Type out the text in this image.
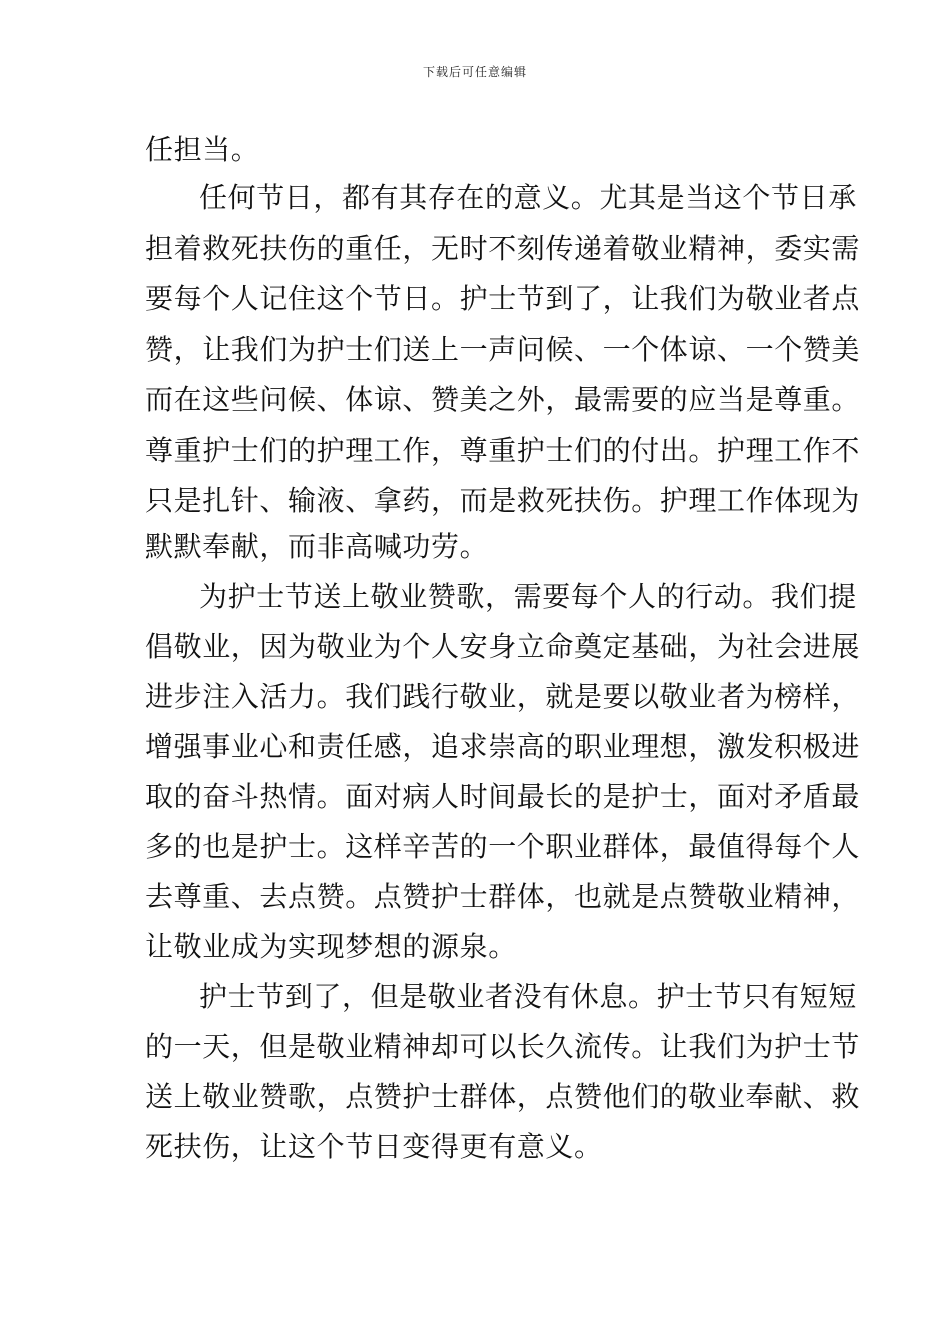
下载后可任意编辑
任担当。
任何节日，都有其存在的意义。尤其是当这个节日承
担着救死扶伤的重任，无时不刻传递着敬业精神，委实需
要每个人记住这个节日。护士节到了，让我们为敬业者点
赞，让我们为护士们送上一声问候、一个体谅、一个赞美
而在这些问候、体谅、赞美之外，最需要的应当是尊重。
尊重护士们的护理工作，尊重护士们的付出。护理工作不
只是扎针、输液、拿药，而是救死扶伤。护理工作体现为
默默奉献，而非高喊功劳。
为护士节送上敬业赞歌，需要每个人的行动。我们提
倡敬业，因为敬业为个人安身立命奠定基础，为社会进展
进步注入活力。我们践行敬业，就是要以敬业者为榜样，
增强事业心和责任感，追求崇高的职业理想，激发积极进
取的奋斗热情。面对病人时间最长的是护士，面对矛盾最
多的也是护士。这样辛苦的一个职业群体，最值得每个人
去尊重、去点赞。点赞护士群体，也就是点赞敬业精神，
让敬业成为实现梦想的源泉。
护士节到了，但是敬业者没有休息。护士节只有短短
的一天，但是敬业精神却可以长久流传。让我们为护士节
送上敬业赞歌，点赞护士群体，点赞他们的敬业奉献、救
死扶伤，让这个节日变得更有意义。
